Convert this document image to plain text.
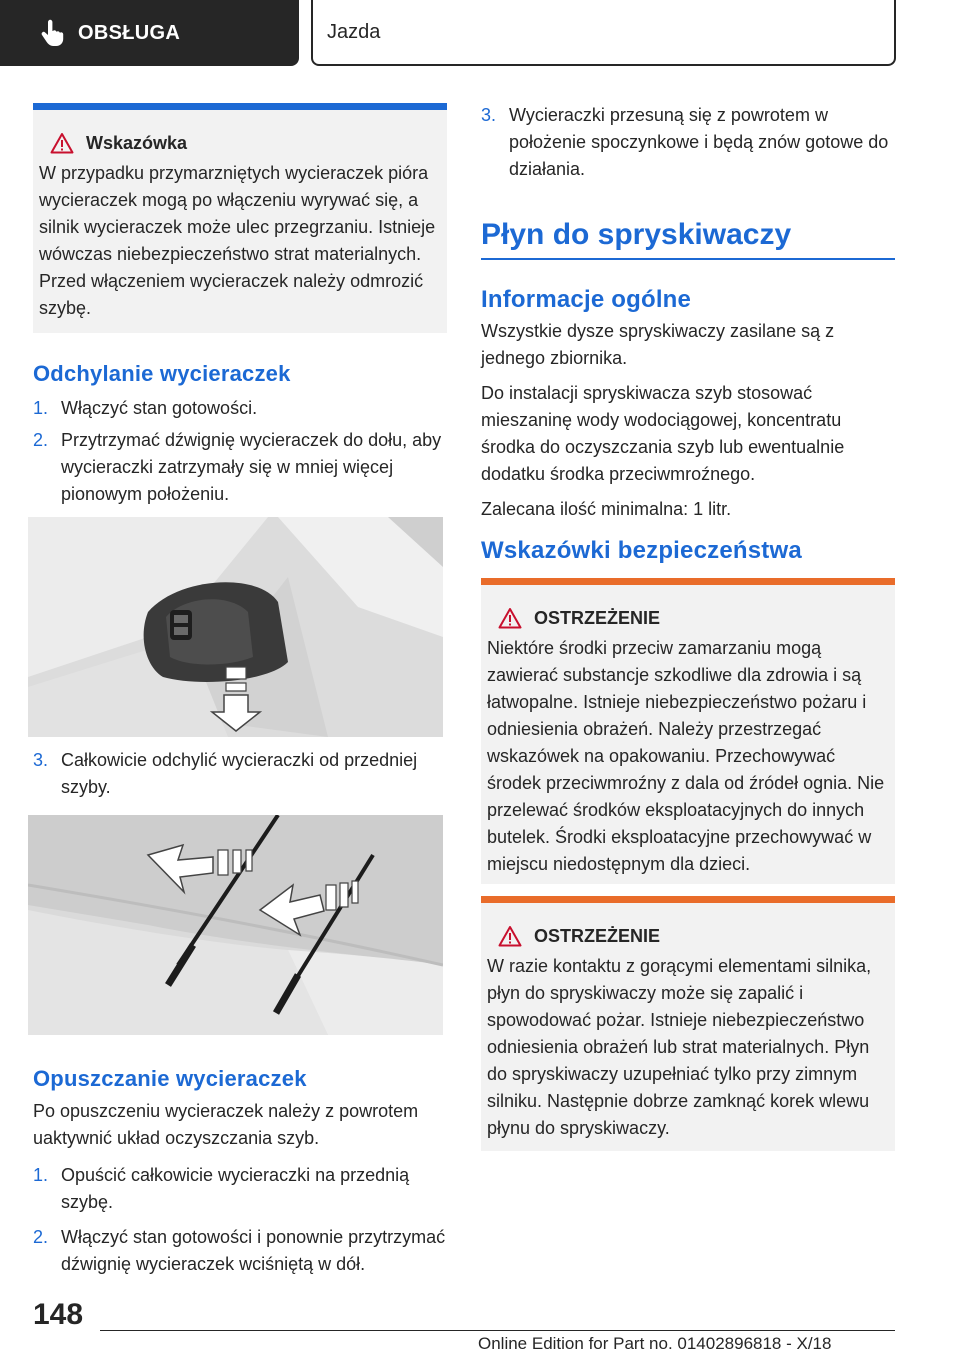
OBSŁUGA	Jazda
Wskazówka

W przypadku przymarzniętych wycieraczek pióra wycieraczek mogą po włączeniu wyrywać się, a silnik wycieraczek może ulec przegrzaniu. Istnieje wówczas niebezpieczeństwo strat materialnych. Przed włączeniem wycieraczek należy odmrozić szybę.

Odchylanie wycieraczek
1. Włączyć stan gotowości.
2. Przytrzymać dźwignię wycieraczek do dołu, aby wycieraczki zatrzymały się w mniej więcej pionowym położeniu.
3. Całkowicie odchylić wycieraczki od przedniej szyby.
Opuszczanie wycieraczek

Po opuszczeniu wycieraczek należy z powrotem uaktywnić układ oczyszczania szyb.

1. Opuścić całkowicie wycieraczki na przednią szybę.
2. Włączyć stan gotowości i ponownie przytrzymać dźwignię wycieraczek wciśniętą w dół.
3. Wycieraczki przesuną się z powrotem w położenie spoczynkowe i będą znów gotowe do działania.
Płyn do spryskiwaczy
Informacje ogólne

Wszystkie dysze spryskiwaczy zasilane są z jednego zbiornika.

Do instalacji spryskiwacza szyb stosować mieszaninę wody wodociągowej, koncentratu środka do oczyszczania szyb lub ewentualnie dodatku środka przeciwmroźnego.

Zalecana ilość minimalna: 1 litr.

Wskazówki bezpieczeństwa
OSTRZEŻENIE

Niektóre środki przeciw zamarzaniu mogą zawierać substancje szkodliwe dla zdrowia i są łatwopalne. Istnieje niebezpieczeństwo pożaru i odniesienia obrażeń. Należy przestrzegać wskazówek na opakowaniu. Przechowywać środek przeciwmroźny z dala od źródeł ognia. Nie przelewać środków eksploatacyjnych do innych butelek. Środki eksploatacyjne przechowywać w miejscu niedostępnym dla dzieci.

OSTRZEŻENIE

W razie kontaktu z gorącymi elementami silnika, płyn do spryskiwaczy może się zapalić i spowodować pożar. Istnieje niebezpieczeństwo odniesienia obrażeń lub strat materialnych. Płyn do spryskiwaczy uzupełniać tylko przy zimnym silniku. Następnie dobrze zamknąć korek wlewu płynu do spryskiwaczy.

148
Online Edition for Part no. 01402896818 - X/18
